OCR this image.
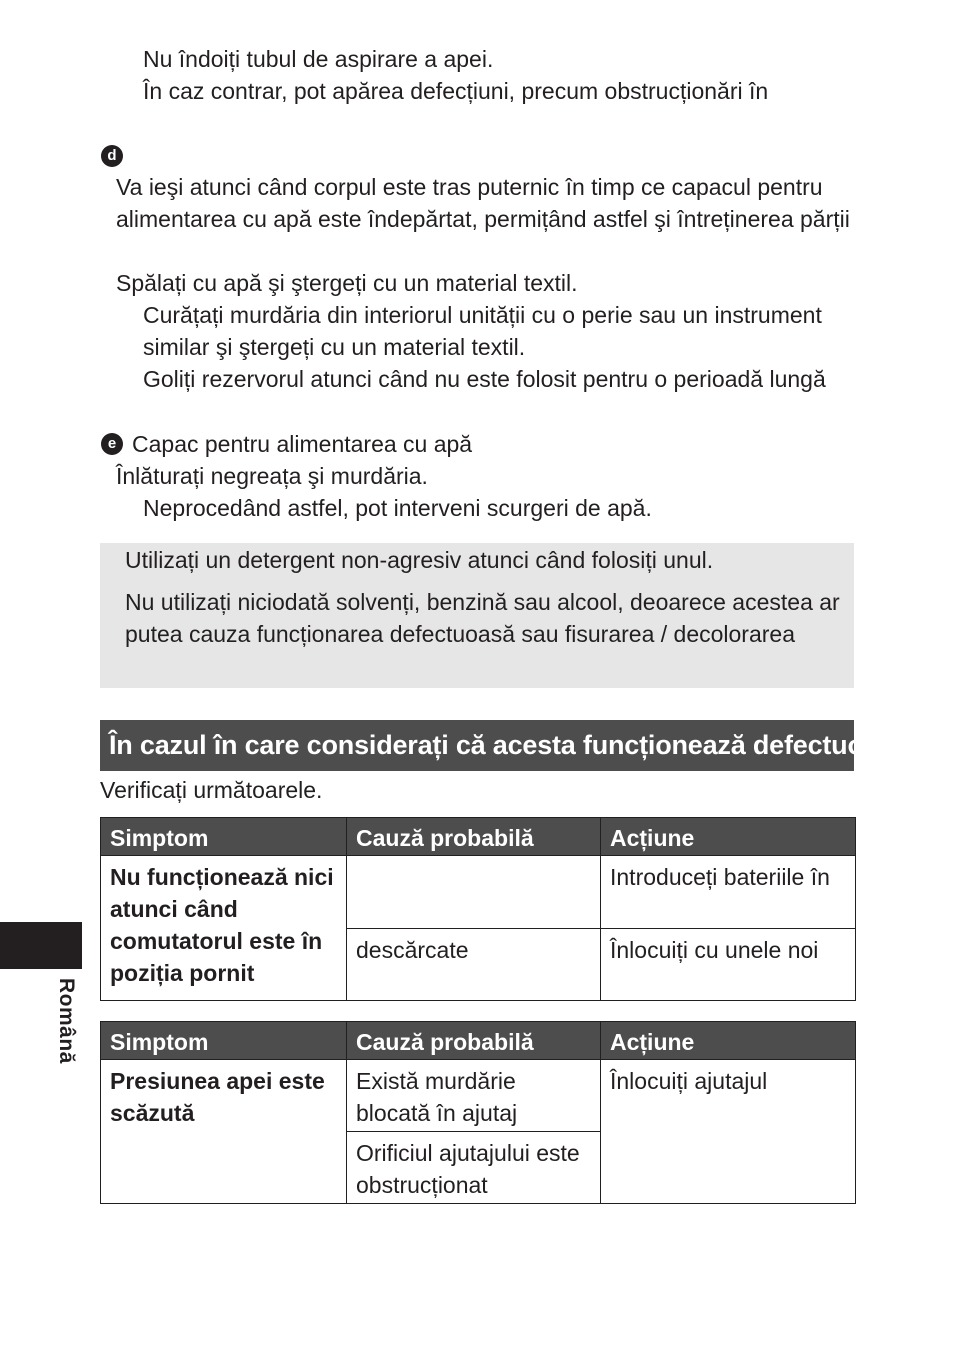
Nu îndoiți tubul de aspirare a apei.
În caz contrar, pot apărea defecțiuni, precum obstrucționări în
d
Va ieşi atunci când corpul este tras puternic în timp ce capacul pentru
alimentarea cu apă este îndepărtat, permițând astfel şi întreținerea părții
Spălați cu apă şi ştergeți cu un material textil.
Curățați murdăria din interiorul unității cu o perie sau un instrument
similar şi ştergeți cu un material textil.
Goliți rezervorul atunci când nu este folosit pentru o perioadă lungă
e Capac pentru alimentarea cu apă
Înlăturați negreața şi murdăria.
Neprocedând astfel, pot interveni scurgeri de apă.
Utilizați un detergent non-agresiv atunci când folosiți unul.
Nu utilizați niciodată solvenți, benzină sau alcool, deoarece acestea ar
putea cauza funcționarea defectuoasă sau fisurarea / decolorarea
În cazul în care considerați că acesta funcționează defectuos
Verificați următoarele.
Simptom	Cauză probabilă	Acțiune
Nu funcționează nici atunci când comutatorul este în poziția pornit		Introduceți bateriile în
	descărcate	Înlocuiți cu unele noi
Simptom	Cauză probabilă	Acțiune
Presiunea apei este scăzută	Există murdărie blocată în ajutaj	Înlocuiți ajutajul
	Orificiul ajutajului este obstrucționat	
Română
